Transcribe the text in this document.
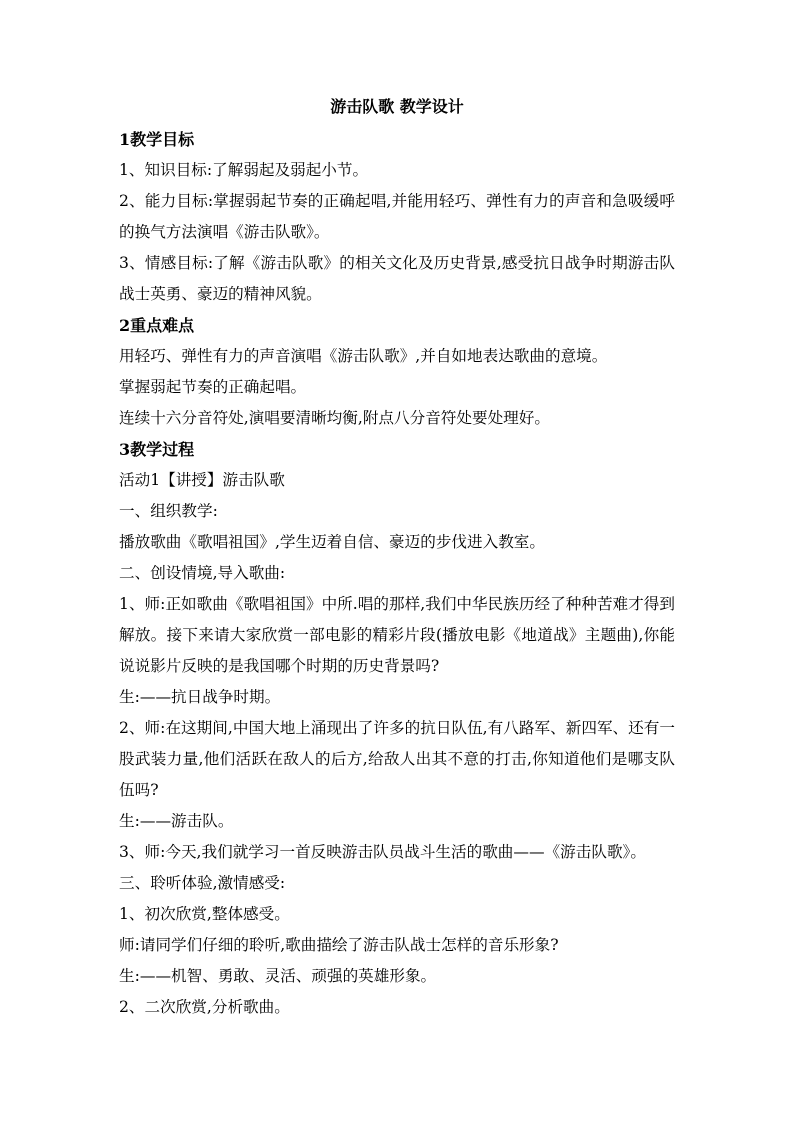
游击队歌 教学设计
1教学目标
1、知识目标:了解弱起及弱起小节。
2、能力目标:掌握弱起节奏的正确起唱,并能用轻巧、弹性有力的声音和急吸缓呼的换气方法演唱《游击队歌》。
3、情感目标:了解《游击队歌》的相关文化及历史背景,感受抗日战争时期游击队战士英勇、豪迈的精神风貌。
2重点难点
用轻巧、弹性有力的声音演唱《游击队歌》,并自如地表达歌曲的意境。
掌握弱起节奏的正确起唱。
连续十六分音符处,演唱要清晰均衡,附点八分音符处要处理好。
3教学过程
活动1【讲授】游击队歌
一、组织教学:
播放歌曲《歌唱祖国》,学生迈着自信、豪迈的步伐进入教室。
二、创设情境,导入歌曲:
1、师:正如歌曲《歌唱祖国》中所.唱的那样,我们中华民族历经了种种苦难才得到解放。接下来请大家欣赏一部电影的精彩片段(播放电影《地道战》主题曲),你能说说影片反映的是我国哪个时期的历史背景吗?
生:——抗日战争时期。
2、师:在这期间,中国大地上涌现出了许多的抗日队伍,有八路军、新四军、还有一股武装力量,他们活跃在敌人的后方,给敌人出其不意的打击,你知道他们是哪支队伍吗?
生:——游击队。
3、师:今天,我们就学习一首反映游击队员战斗生活的歌曲——《游击队歌》。
三、聆听体验,激情感受:
1、初次欣赏,整体感受。
师:请同学们仔细的聆听,歌曲描绘了游击队战士怎样的音乐形象?
生:——机智、勇敢、灵活、顽强的英雄形象。
2、二次欣赏,分析歌曲。
